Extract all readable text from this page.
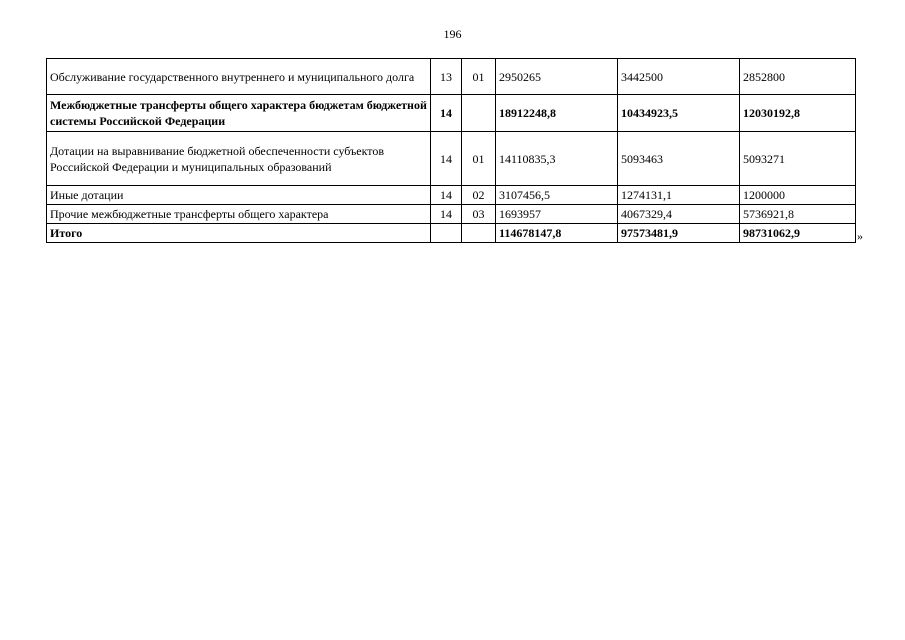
196
Обслуживание государственного внутреннего и муниципального долга	13	01	2950265	3442500	2852800
Межбюджетные трансферты общего характера бюджетам бюджетной системы Российской Федерации	14		18912248,8	10434923,5	12030192,8
Дотации на выравнивание бюджетной обеспеченности субъектов Российской Федерации и муниципальных образований	14	01	14110835,3	5093463	5093271
Иные дотации	14	02	3107456,5	1274131,1	1200000
Прочие межбюджетные трансферты общего характера	14	03	1693957	4067329,4	5736921,8
Итого			114678147,8	97573481,9	98731062,9	»
